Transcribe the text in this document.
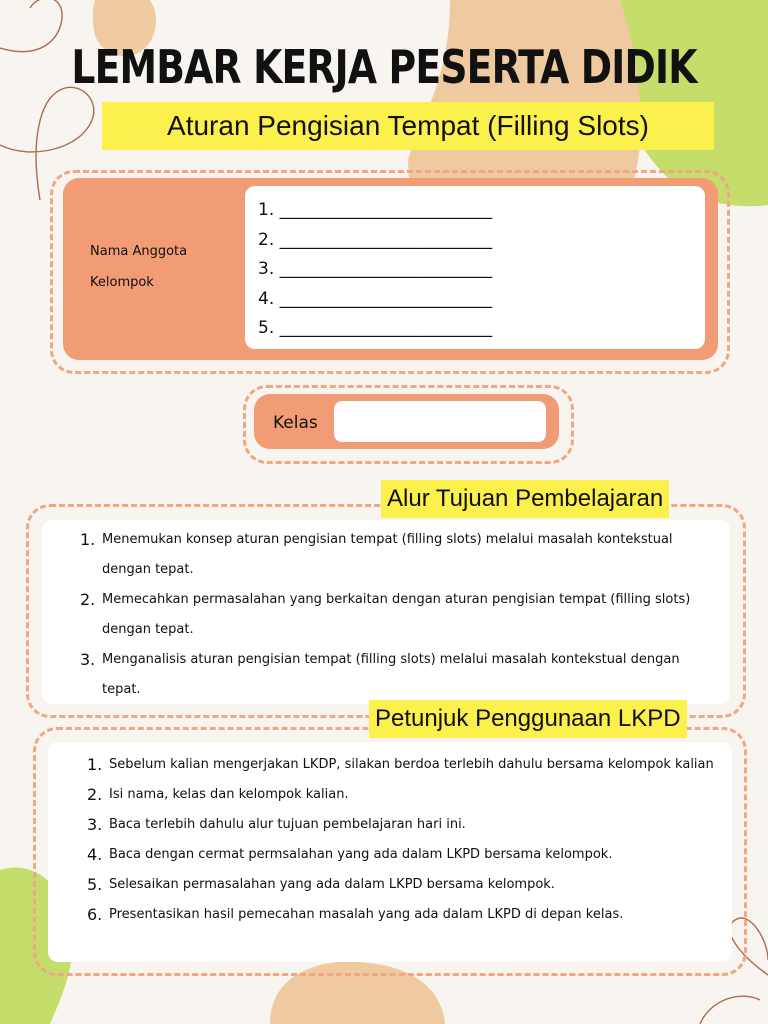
LEMBAR KERJA PESERTA DIDIK
Aturan Pengisian Tempat (Filling Slots)
Nama Anggota
Kelompok
1. _________________________
2. _________________________
3. _________________________
4. _________________________
5. _________________________
Kelas
Alur Tujuan Pembelajaran
1. Menemukan konsep aturan pengisian tempat (filling slots) melalui masalah kontekstual dengan tepat.
2. Memecahkan permasalahan yang berkaitan dengan aturan pengisian tempat (filling slots) dengan tepat.
3. Menganalisis aturan pengisian tempat (filling slots) melalui masalah kontekstual dengan tepat.
Petunjuk Penggunaan LKPD
1. Sebelum kalian mengerjakan LKDP, silakan berdoa terlebih dahulu bersama kelompok kalian
2. Isi nama, kelas dan kelompok kalian.
3. Baca terlebih dahulu alur tujuan pembelajaran hari ini.
4. Baca dengan cermat permsalahan yang ada dalam LKPD bersama kelompok.
5. Selesaikan permasalahan yang ada dalam LKPD bersama kelompok.
6. Presentasikan hasil pemecahan masalah yang ada dalam LKPD di depan kelas.
